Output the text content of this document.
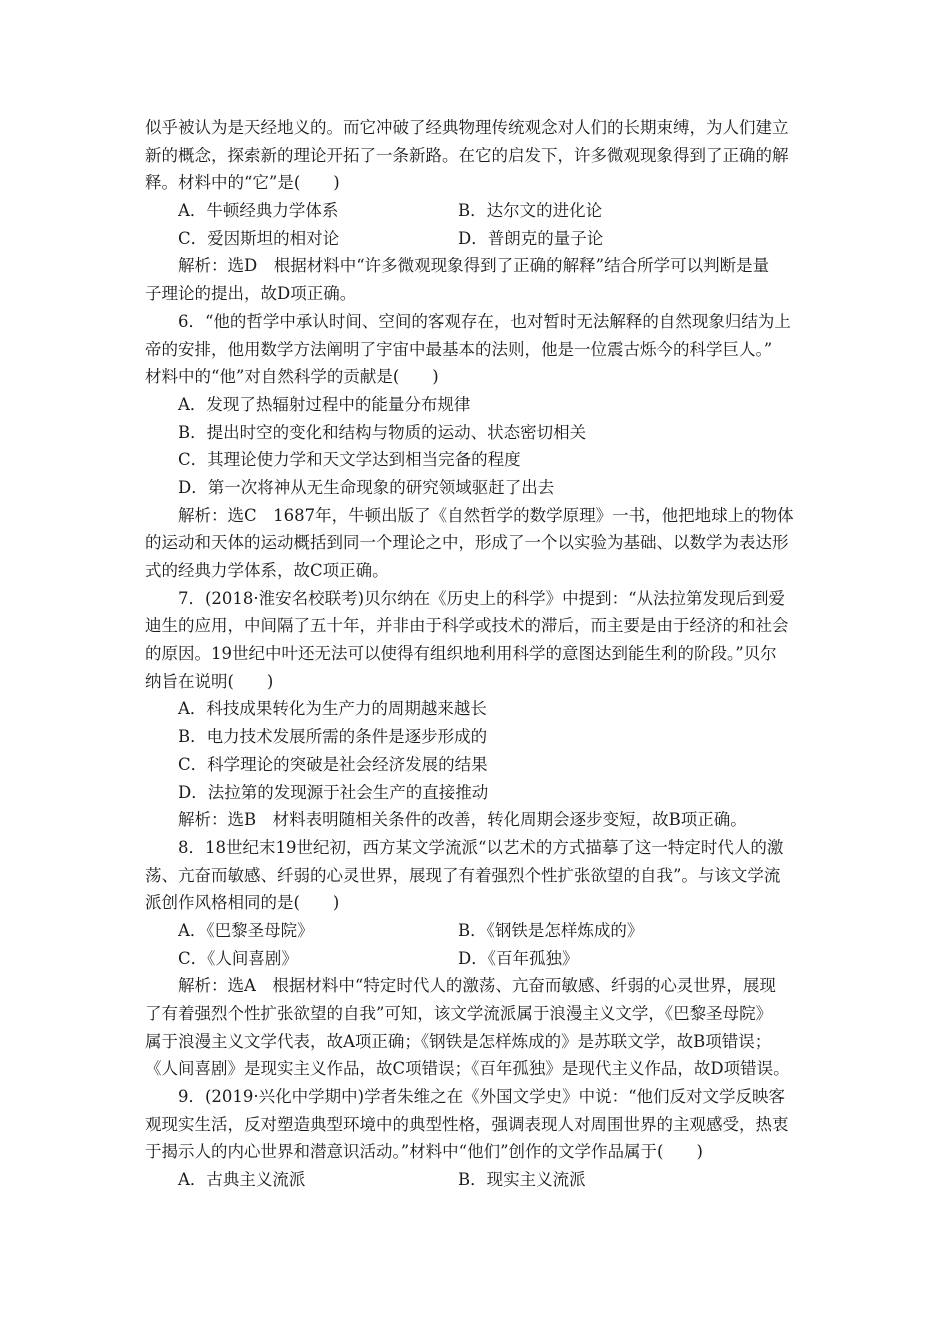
似乎被认为是天经地义的。而它冲破了经典物理传统观念对人们的长期束缚，为人们建立
新的概念，探索新的理论开拓了一条新路。在它的启发下，许多微观现象得到了正确的解
释。材料中的“它”是(　　)
A．牛顿经典力学体系	B．达尔文的进化论
C．爱因斯坦的相对论	D．普朗克的量子论
解析：选D　根据材料中“许多微观现象得到了正确的解释”结合所学可以判断是量
子理论的提出，故D项正确。
6．“他的哲学中承认时间、空间的客观存在，也对暂时无法解释的自然现象归结为上
帝的安排，他用数学方法阐明了宇宙中最基本的法则，他是一位震古烁今的科学巨人。”
材料中的“他”对自然科学的贡献是(　　)
A．发现了热辐射过程中的能量分布规律
B．提出时空的变化和结构与物质的运动、状态密切相关
C．其理论使力学和天文学达到相当完备的程度
D．第一次将神从无生命现象的研究领域驱赶了出去
解析：选C　1687年，牛顿出版了《自然哲学的数学原理》一书，他把地球上的物体
的运动和天体的运动概括到同一个理论之中，形成了一个以实验为基础、以数学为表达形
式的经典力学体系，故C项正确。
7．(2018·淮安名校联考)贝尔纳在《历史上的科学》中提到：“从法拉第发现后到爱
迪生的应用，中间隔了五十年，并非由于科学或技术的滞后，而主要是由于经济的和社会
的原因。19世纪中叶还无法可以使得有组织地利用科学的意图达到能生利的阶段。”贝尔
纳旨在说明(　　)
A．科技成果转化为生产力的周期越来越长
B．电力技术发展所需的条件是逐步形成的
C．科学理论的突破是社会经济发展的结果
D．法拉第的发现源于社会生产的直接推动
解析：选B　材料表明随相关条件的改善，转化周期会逐步变短，故B项正确。
8．18世纪末19世纪初，西方某文学流派“以艺术的方式描摹了这一特定时代人的激
荡、亢奋而敏感、纤弱的心灵世界，展现了有着强烈个性扩张欲望的自我”。与该文学流
派创作风格相同的是(　　)
A．《巴黎圣母院》	B．《钢铁是怎样炼成的》
C．《人间喜剧》	D．《百年孤独》
解析：选A　根据材料中“特定时代人的激荡、亢奋而敏感、纤弱的心灵世界，展现
了有着强烈个性扩张欲望的自我”可知，该文学流派属于浪漫主义文学，《巴黎圣母院》
属于浪漫主义文学代表，故A项正确；《钢铁是怎样炼成的》是苏联文学，故B项错误；
《人间喜剧》是现实主义作品，故C项错误；《百年孤独》是现代主义作品，故D项错误。
9．(2019·兴化中学期中)学者朱维之在《外国文学史》中说：“他们反对文学反映客
观现实生活，反对塑造典型环境中的典型性格，强调表现人对周围世界的主观感受，热衷
于揭示人的内心世界和潜意识活动。”材料中“他们”创作的文学作品属于(　　)
A．古典主义流派	B．现实主义流派
